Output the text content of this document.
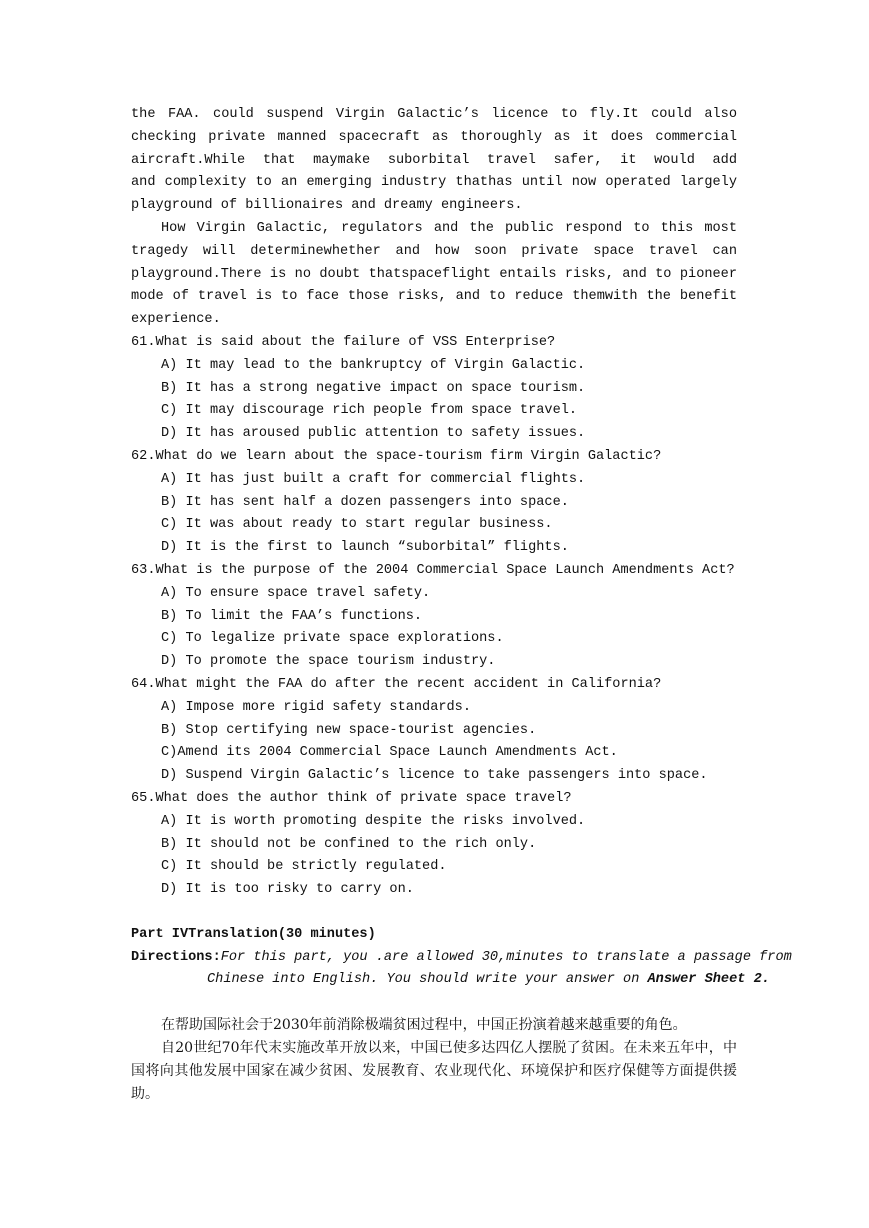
the FAA. could suspend Virgin Galactic’s licence to fly.It could also
checking private manned spacecraft as thoroughly as it does commercial
aircraft.While that maymake suborbital travel safer, it would add
and complexity to an emerging industry thathas until now operated largely
playground of billionaires and dreamy engineers.
How Virgin Galactic, regulators and the public respond to this most
tragedy will determinewhether and how soon private space travel can
playground.There is no doubt thatspaceflight entails risks, and to pioneer
mode of travel is to face those risks, and to reduce themwith the benefit
experience.
61.What is said about the failure of VSS Enterprise?
A) It may lead to the bankruptcy of Virgin Galactic.
B) It has a strong negative impact on space tourism.
C) It may discourage rich people from space travel.
D) It has aroused public attention to safety issues.
62.What do we learn about the space-tourism firm Virgin Galactic?
A) It has just built a craft for commercial flights.
B) It has sent half a dozen passengers into space.
C) It was about ready to start regular business.
D) It is the first to launch “suborbital” flights.
63.What is the purpose of the 2004 Commercial Space Launch Amendments Act?
A) To ensure space travel safety.
B) To limit the FAA’s functions.
C) To legalize private space explorations.
D) To promote the space tourism industry.
64.What might the FAA do after the recent accident in California?
A) Impose more rigid safety standards.
B) Stop certifying new space-tourist agencies.
C)Amend its 2004 Commercial Space Launch Amendments Act.
D) Suspend Virgin Galactic’s licence to take passengers into space.
65.What does the author think of private space travel?
A) It is worth promoting despite the risks involved.
B) It should not be confined to the rich only.
C) It should be strictly regulated.
D) It is too risky to carry on.
Part IVTranslation(30 minutes)
Directions:For this part, you .are allowed 30,minutes to translate a passage from
Chinese into English. You should write your answer on Answer Sheet 2.

在帮助国际社会于2030年前消除极端贫困过程中，中国正扮演着越来越重要的角色。

自20世纪70年代末实施改革开放以来，中国已使多达四亿人摆脱了贫困。在未来五年中，中国将向其他发展中国家在减少贫困、发展教育、农业现代化、环境保护和医疗保健等方面提供援助。
